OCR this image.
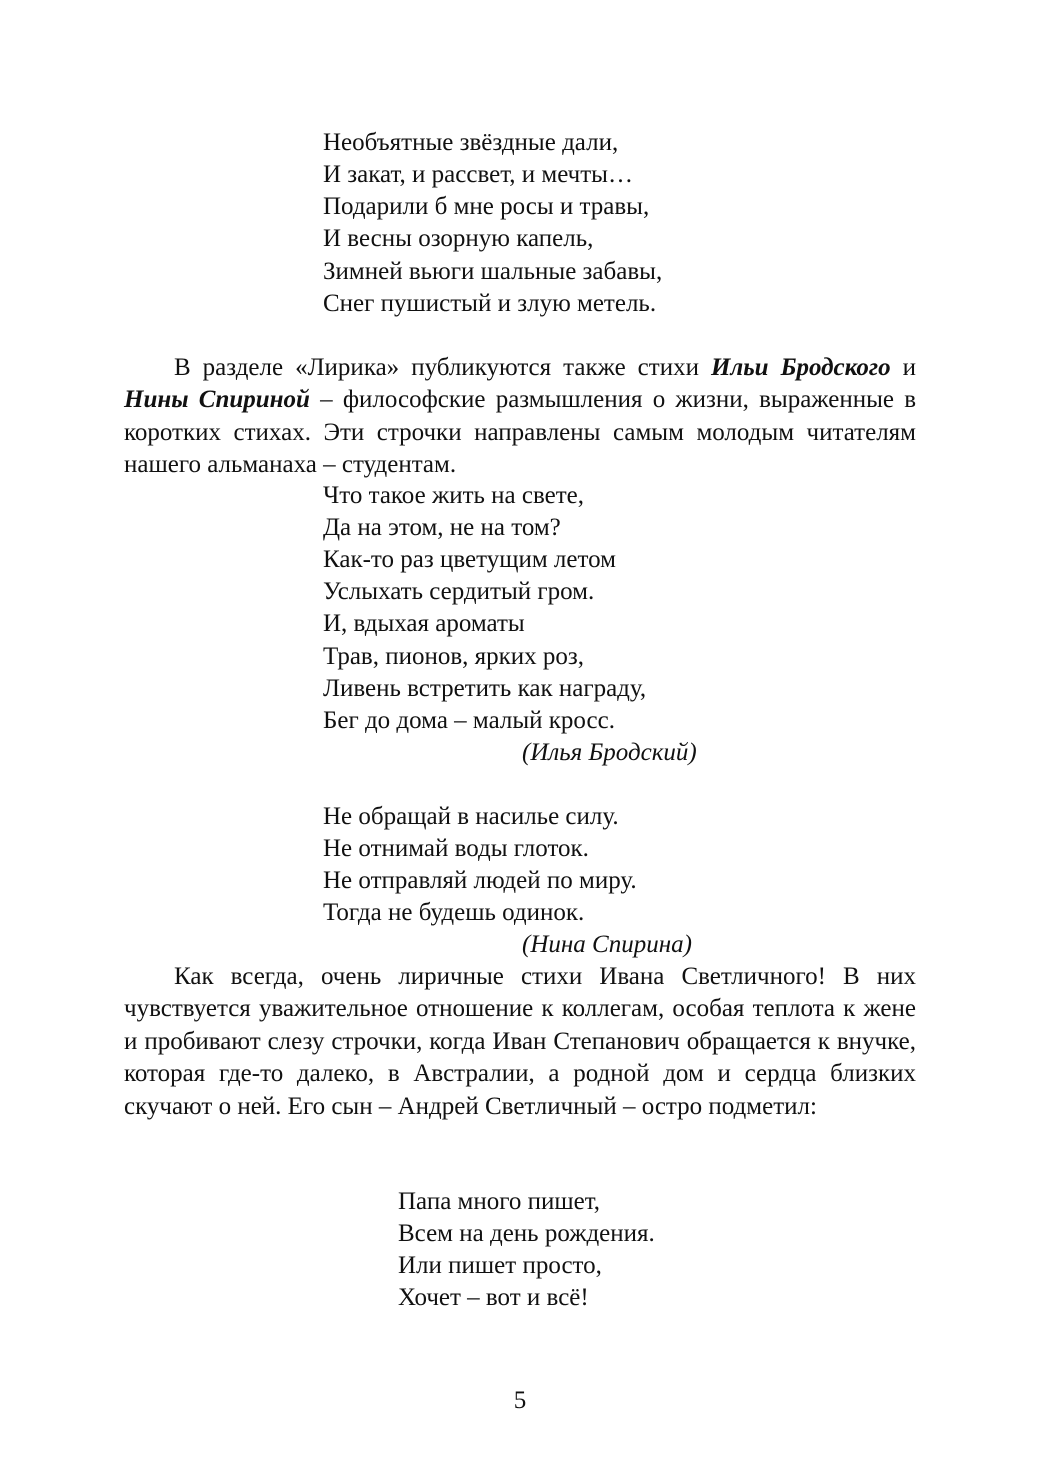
Необъятные звёздные дали,
И закат, и рассвет, и мечты…
Подарили б мне росы и травы,
И весны озорную капель,
Зимней вьюги шальные забавы,
Снег пушистый и злую метель.

В разделе «Лирика» публикуются также стихи Ильи Бродского и Нины Спириной – философские размышления о жизни, выраженные в коротких стихах. Эти строчки направлены самым молодым читателям нашего альманаха – студентам.

Что такое жить на свете,
Да на этом, не на том?
Как-то раз цветущим летом
Услыхать сердитый гром.
И, вдыхая ароматы
Трав, пионов, ярких роз,
Ливень встретить как награду,
Бег до дома – малый кросс.
(Илья Бродский)
Не обращай в насилье силу.
Не отнимай воды глоток.
Не отправляй людей по миру.
Тогда не будешь одинок.
(Нина Спирина)

Как всегда, очень лиричные стихи Ивана Светличного! В них чувствуется уважительное отношение к коллегам, особая теплота к жене и пробивают слезу строчки, когда Иван Степанович обращается к внучке, которая где-то далеко, в Австралии, а родной дом и сердца близких скучают о ней. Его сын – Андрей Светличный – остро подметил:

Папа много пишет,
Всем на день рождения.
Или пишет просто,
Хочет – вот и всё!
5
